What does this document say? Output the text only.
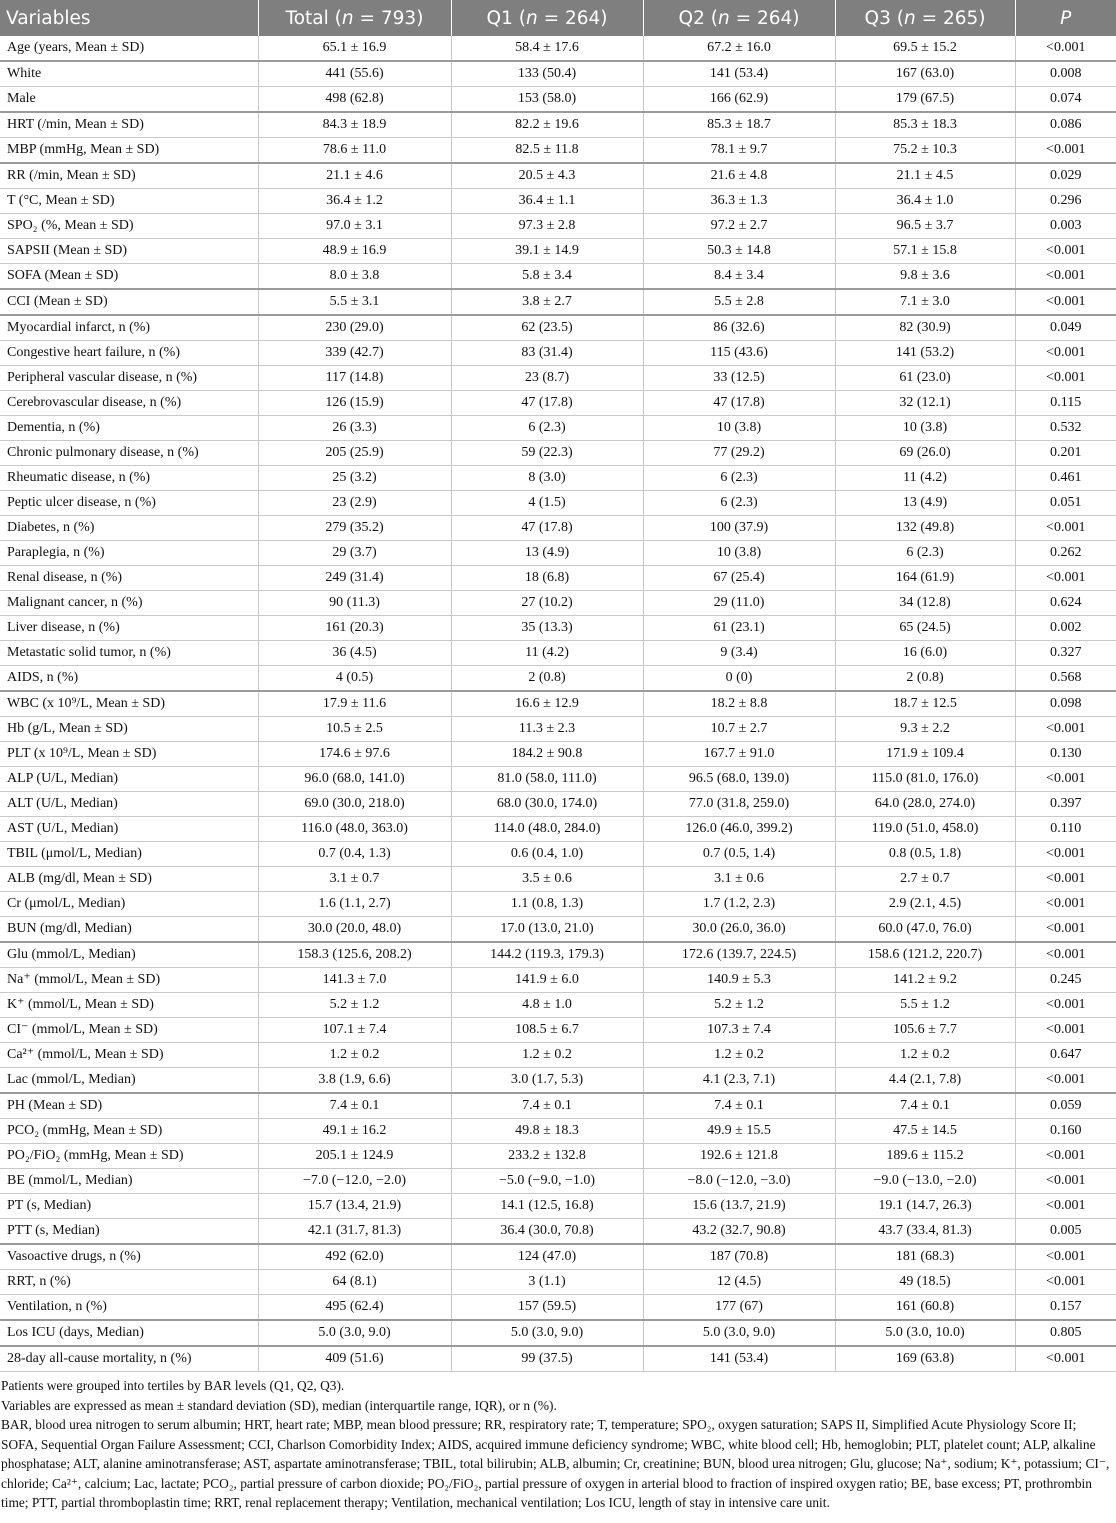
Variables	Total (n = 793)	Q1 (n = 264)	Q2 (n = 264)	Q3 (n = 265)	P
Age (years, Mean ± SD)	65.1 ± 16.9	58.4 ± 17.6	67.2 ± 16.0	69.5 ± 15.2	<0.001
White	441 (55.6)	133 (50.4)	141 (53.4)	167 (63.0)	0.008
Male	498 (62.8)	153 (58.0)	166 (62.9)	179 (67.5)	0.074
HRT (/min, Mean ± SD)	84.3 ± 18.9	82.2 ± 19.6	85.3 ± 18.7	85.3 ± 18.3	0.086
MBP (mmHg, Mean ± SD)	78.6 ± 11.0	82.5 ± 11.8	78.1 ± 9.7	75.2 ± 10.3	<0.001
RR (/min, Mean ± SD)	21.1 ± 4.6	20.5 ± 4.3	21.6 ± 4.8	21.1 ± 4.5	0.029
T (°C, Mean ± SD)	36.4 ± 1.2	36.4 ± 1.1	36.3 ± 1.3	36.4 ± 1.0	0.296
SPO₂ (%, Mean ± SD)	97.0 ± 3.1	97.3 ± 2.8	97.2 ± 2.7	96.5 ± 3.7	0.003
SAPSII (Mean ± SD)	48.9 ± 16.9	39.1 ± 14.9	50.3 ± 14.8	57.1 ± 15.8	<0.001
SOFA (Mean ± SD)	8.0 ± 3.8	5.8 ± 3.4	8.4 ± 3.4	9.8 ± 3.6	<0.001
CCI (Mean ± SD)	5.5 ± 3.1	3.8 ± 2.7	5.5 ± 2.8	7.1 ± 3.0	<0.001
Myocardial infarct, n (%)	230 (29.0)	62 (23.5)	86 (32.6)	82 (30.9)	0.049
Congestive heart failure, n (%)	339 (42.7)	83 (31.4)	115 (43.6)	141 (53.2)	<0.001
Peripheral vascular disease, n (%)	117 (14.8)	23 (8.7)	33 (12.5)	61 (23.0)	<0.001
Cerebrovascular disease, n (%)	126 (15.9)	47 (17.8)	47 (17.8)	32 (12.1)	0.115
Dementia, n (%)	26 (3.3)	6 (2.3)	10 (3.8)	10 (3.8)	0.532
Chronic pulmonary disease, n (%)	205 (25.9)	59 (22.3)	77 (29.2)	69 (26.0)	0.201
Rheumatic disease, n (%)	25 (3.2)	8 (3.0)	6 (2.3)	11 (4.2)	0.461
Peptic ulcer disease, n (%)	23 (2.9)	4 (1.5)	6 (2.3)	13 (4.9)	0.051
Diabetes, n (%)	279 (35.2)	47 (17.8)	100 (37.9)	132 (49.8)	<0.001
Paraplegia, n (%)	29 (3.7)	13 (4.9)	10 (3.8)	6 (2.3)	0.262
Renal disease, n (%)	249 (31.4)	18 (6.8)	67 (25.4)	164 (61.9)	<0.001
Malignant cancer, n (%)	90 (11.3)	27 (10.2)	29 (11.0)	34 (12.8)	0.624
Liver disease, n (%)	161 (20.3)	35 (13.3)	61 (23.1)	65 (24.5)	0.002
Metastatic solid tumor, n (%)	36 (4.5)	11 (4.2)	9 (3.4)	16 (6.0)	0.327
AIDS, n (%)	4 (0.5)	2 (0.8)	0 (0)	2 (0.8)	0.568
WBC (x 10⁹/L, Mean ± SD)	17.9 ± 11.6	16.6 ± 12.9	18.2 ± 8.8	18.7 ± 12.5	0.098
Hb (g/L, Mean ± SD)	10.5 ± 2.5	11.3 ± 2.3	10.7 ± 2.7	9.3 ± 2.2	<0.001
PLT (x 10⁹/L, Mean ± SD)	174.6 ± 97.6	184.2 ± 90.8	167.7 ± 91.0	171.9 ± 109.4	0.130
ALP (U/L, Median)	96.0 (68.0, 141.0)	81.0 (58.0, 111.0)	96.5 (68.0, 139.0)	115.0 (81.0, 176.0)	<0.001
ALT (U/L, Median)	69.0 (30.0, 218.0)	68.0 (30.0, 174.0)	77.0 (31.8, 259.0)	64.0 (28.0, 274.0)	0.397
AST (U/L, Median)	116.0 (48.0, 363.0)	114.0 (48.0, 284.0)	126.0 (46.0, 399.2)	119.0 (51.0, 458.0)	0.110
TBIL (μmol/L, Median)	0.7 (0.4, 1.3)	0.6 (0.4, 1.0)	0.7 (0.5, 1.4)	0.8 (0.5, 1.8)	<0.001
ALB (mg/dl, Mean ± SD)	3.1 ± 0.7	3.5 ± 0.6	3.1 ± 0.6	2.7 ± 0.7	<0.001
Cr (μmol/L, Median)	1.6 (1.1, 2.7)	1.1 (0.8, 1.3)	1.7 (1.2, 2.3)	2.9 (2.1, 4.5)	<0.001
BUN (mg/dl, Median)	30.0 (20.0, 48.0)	17.0 (13.0, 21.0)	30.0 (26.0, 36.0)	60.0 (47.0, 76.0)	<0.001
Glu (mmol/L, Median)	158.3 (125.6, 208.2)	144.2 (119.3, 179.3)	172.6 (139.7, 224.5)	158.6 (121.2, 220.7)	<0.001
Na⁺ (mmol/L, Mean ± SD)	141.3 ± 7.0	141.9 ± 6.0	140.9 ± 5.3	141.2 ± 9.2	0.245
K⁺ (mmol/L, Mean ± SD)	5.2 ± 1.2	4.8 ± 1.0	5.2 ± 1.2	5.5 ± 1.2	<0.001
CI⁻ (mmol/L, Mean ± SD)	107.1 ± 7.4	108.5 ± 6.7	107.3 ± 7.4	105.6 ± 7.7	<0.001
Ca²⁺ (mmol/L, Mean ± SD)	1.2 ± 0.2	1.2 ± 0.2	1.2 ± 0.2	1.2 ± 0.2	0.647
Lac (mmol/L, Median)	3.8 (1.9, 6.6)	3.0 (1.7, 5.3)	4.1 (2.3, 7.1)	4.4 (2.1, 7.8)	<0.001
PH (Mean ± SD)	7.4 ± 0.1	7.4 ± 0.1	7.4 ± 0.1	7.4 ± 0.1	0.059
PCO₂ (mmHg, Mean ± SD)	49.1 ± 16.2	49.8 ± 18.3	49.9 ± 15.5	47.5 ± 14.5	0.160
PO₂/FiO₂ (mmHg, Mean ± SD)	205.1 ± 124.9	233.2 ± 132.8	192.6 ± 121.8	189.6 ± 115.2	<0.001
BE (mmol/L, Median)	−7.0 (−12.0, −2.0)	−5.0 (−9.0, −1.0)	−8.0 (−12.0, −3.0)	−9.0 (−13.0, −2.0)	<0.001
PT (s, Median)	15.7 (13.4, 21.9)	14.1 (12.5, 16.8)	15.6 (13.7, 21.9)	19.1 (14.7, 26.3)	<0.001
PTT (s, Median)	42.1 (31.7, 81.3)	36.4 (30.0, 70.8)	43.2 (32.7, 90.8)	43.7 (33.4, 81.3)	0.005
Vasoactive drugs, n (%)	492 (62.0)	124 (47.0)	187 (70.8)	181 (68.3)	<0.001
RRT, n (%)	64 (8.1)	3 (1.1)	12 (4.5)	49 (18.5)	<0.001
Ventilation, n (%)	495 (62.4)	157 (59.5)	177 (67)	161 (60.8)	0.157
Los ICU (days, Median)	5.0 (3.0, 9.0)	5.0 (3.0, 9.0)	5.0 (3.0, 9.0)	5.0 (3.0, 10.0)	0.805
28-day all-cause mortality, n (%)	409 (51.6)	99 (37.5)	141 (53.4)	169 (63.8)	<0.001

Patients were grouped into tertiles by BAR levels (Q1, Q2, Q3).

Variables are expressed as mean ± standard deviation (SD), median (interquartile range, IQR), or n (%).

BAR, blood urea nitrogen to serum albumin; HRT, heart rate; MBP, mean blood pressure; RR, respiratory rate; T, temperature; SPO₂, oxygen saturation; SAPS II, Simplified Acute Physiology Score II; SOFA, Sequential Organ Failure Assessment; CCI, Charlson Comorbidity Index; AIDS, acquired immune deficiency syndrome; WBC, white blood cell; Hb, hemoglobin; PLT, platelet count; ALP, alkaline phosphatase; ALT, alanine aminotransferase; AST, aspartate aminotransferase; TBIL, total bilirubin; ALB, albumin; Cr, creatinine; BUN, blood urea nitrogen; Glu, glucose; Na⁺, sodium; K⁺, potassium; CI⁻, chloride; Ca²⁺, calcium; Lac, lactate; PCO₂, partial pressure of carbon dioxide; PO₂/FiO₂, partial pressure of oxygen in arterial blood to fraction of inspired oxygen ratio; BE, base excess; PT, prothrombin time; PTT, partial thromboplastin time; RRT, renal replacement therapy; Ventilation, mechanical ventilation; Los ICU, length of stay in intensive care unit.
